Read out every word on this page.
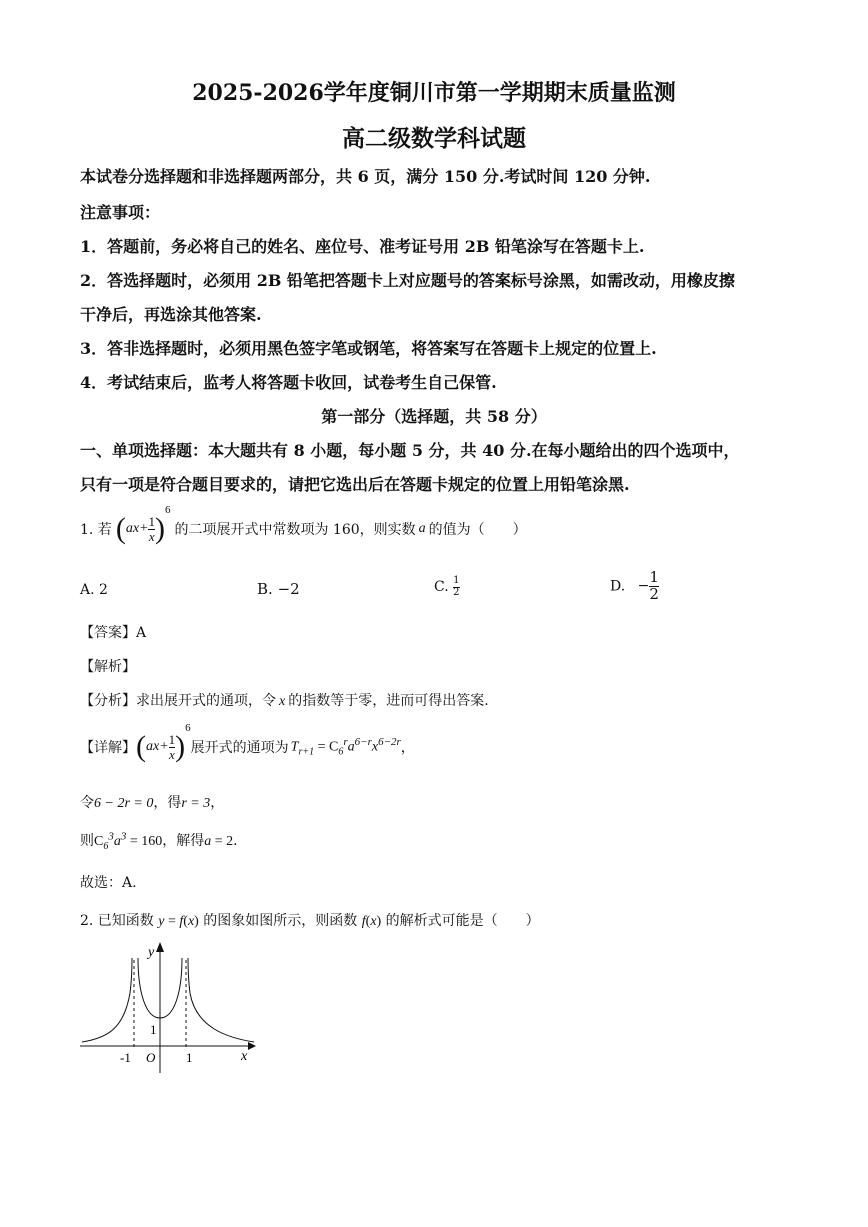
2025-2026学年度铜川市第一学期期末质量监测
高二级数学科试题
本试卷分选择题和非选择题两部分，共 6 页，满分 150 分.考试时间 120 分钟.
注意事项：
1．答题前，务必将自己的姓名、座位号、准考证号用 2B 铅笔涂写在答题卡上.
2．答选择题时，必须用 2B 铅笔把答题卡上对应题号的答案标号涂黑，如需改动，用橡皮擦
干净后，再选涂其他答案.
3．答非选择题时，必须用黑色签字笔或钢笔，将答案写在答题卡上规定的位置上.
4．考试结束后，监考人将答题卡收回，试卷考生自己保管.
第一部分（选择题，共 58 分）
一、单项选择题：本大题共有 8 小题，每小题 5 分，共 40 分.在每小题给出的四个选项中，
只有一项是符合题目要求的，请把它选出后在答题卡规定的位置上用铅笔涂黑.
1. 若 $(ax+ \frac{1}{x} )^6$
的二项展开式中常数项为 160，则实数 a 的值为（　　）
A. 2	B. −2	C. $\frac{1}{2}$	D. − $\frac{1}{2}$
【答案】A
【解析】
【分析】求出展开式的通项，令 x 的指数等于零，进而可得出答案.
【详解】 $(ax+ \frac{1}{x} )^6$
展开式的通项为 $T_{r+1} = C_6^ra^{6-r}x^{6-2r}$ ，
令6 − 2r = 0，得r = 3，
则$C_6^3a^3 = 160$，解得a = 2.
故选：A.
2. 已知函数 y = f(x) 的图象如图所示，则函数 f(x) 的解析式可能是（　　）
y
x
O
-1	1
1
